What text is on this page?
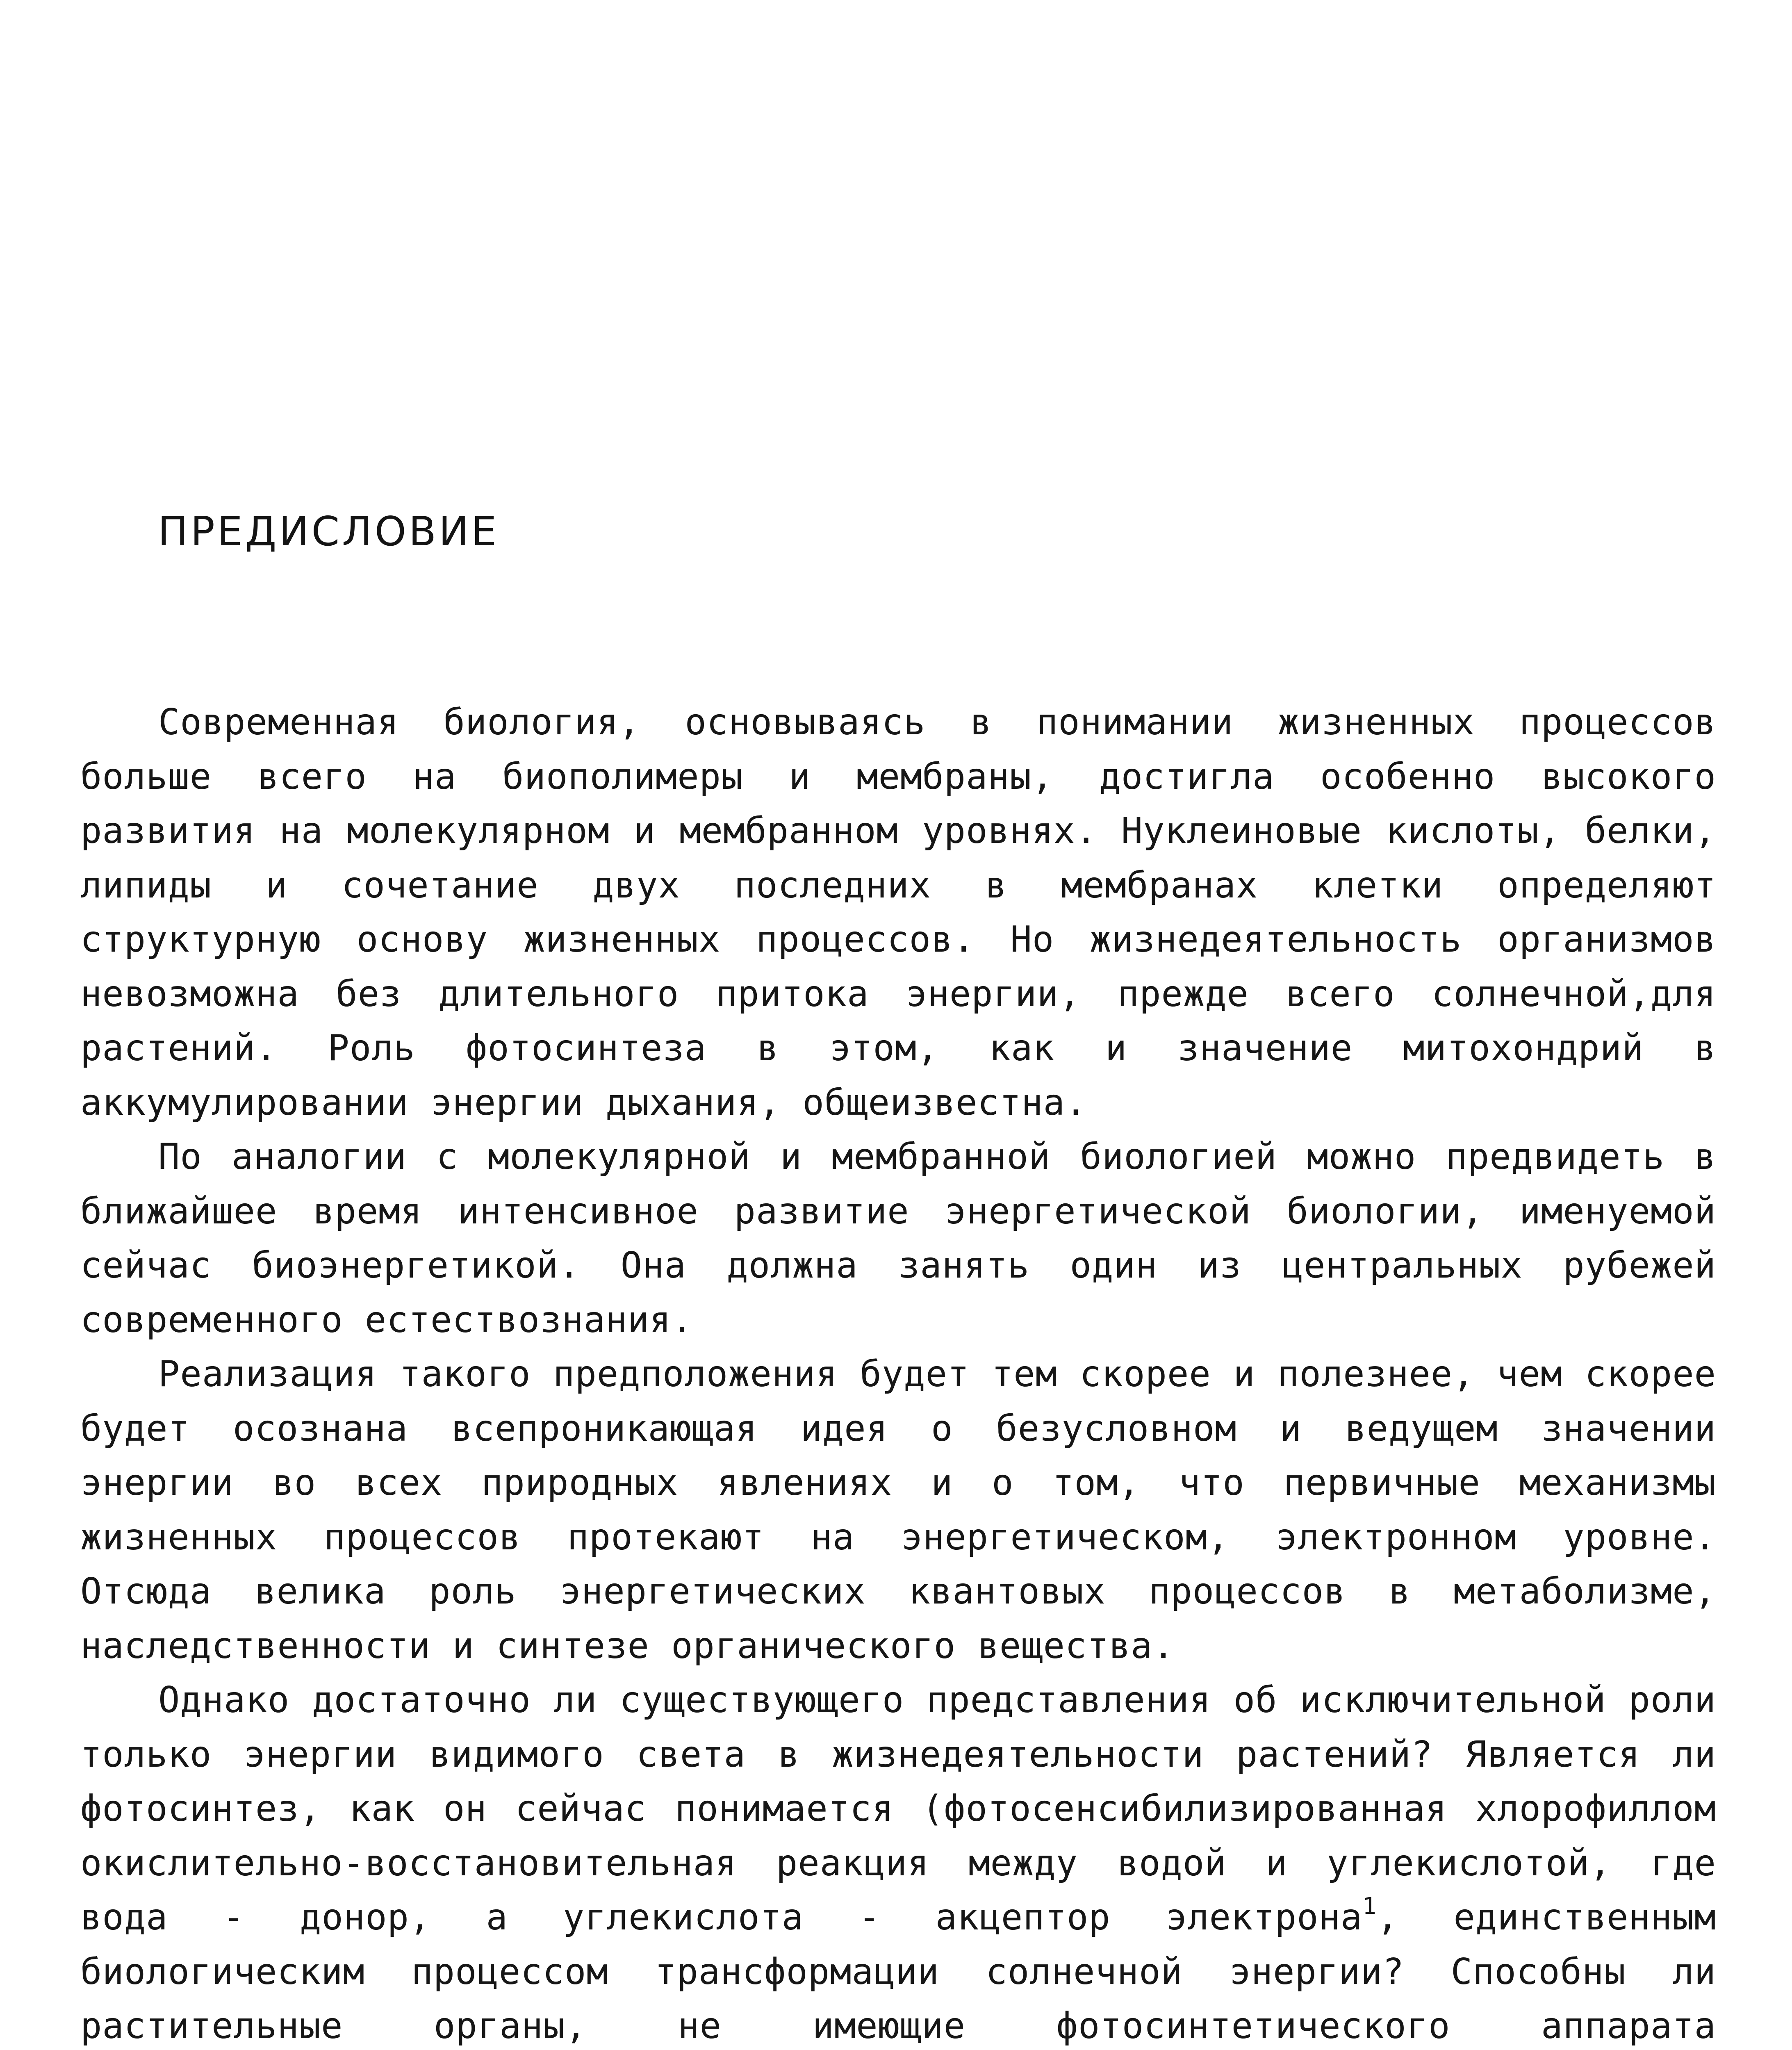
ПРЕДИСЛОВИЕ

Современная биология, основываясь в понимании жизненных процессов больше всего на биополимеры и мембраны, достигла особенно высокого развития на молекулярном и мембранном уровнях. Нуклеиновые кислоты, белки, липиды и сочетание двух последних в мембранах клетки определяют структурную основу жизненных процессов. Но жизнедеятельность организмов невозможна без длительного притока энергии, прежде всего солнечной,для растений. Роль фотосинтеза в этом, как и значение митохондрий в аккумулировании энергии дыхания, общеизвестна.

По аналогии с молекулярной и мембранной биологией можно предвидеть в ближайшее время интенсивное развитие энергетической биологии, именуемой сейчас биоэнергетикой. Она должна занять один из центральных рубежей современного естествознания.

Реализация такого предположения будет тем скорее и полезнее, чем скорее будет осознана всепроникающая идея о безусловном и ведущем значении энергии во всех природных явлениях и о том, что первичные механизмы жизненных процессов протекают на энергетическом, электронном уровне. Отсюда велика роль энергетических квантовых процессов в метаболизме, наследственности и синтезе органического вещества.

Однако достаточно ли существующего представления об исключительной роли только энергии видимого света в жизнедеятельности растений? Является ли фотосинтез, как он сейчас понимается (фотосенсибилизированная хлорофиллом окислительно-восстановительная реакция между водой и углекислотой, где вода - донор, а углекислота - акцептор электрона$^1$, единственным биологическим процессом трансформации солнечной энергии? Способны ли растительные органы, не имеющие фотосинтетического аппарата
